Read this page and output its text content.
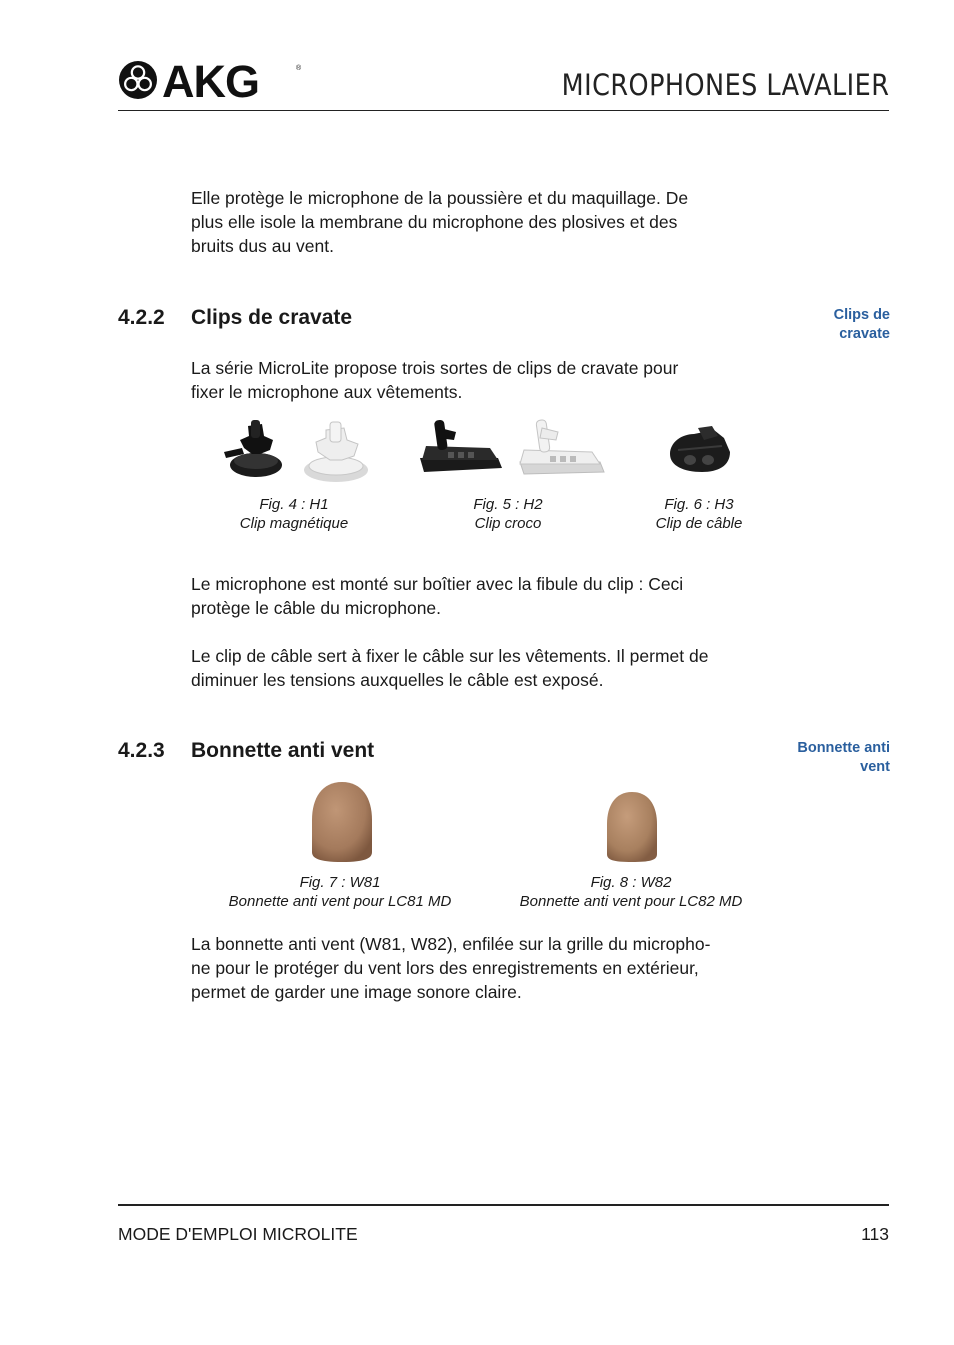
AKG	®	MICROPHONES LAVALIER
Elle protège le microphone de la poussière et du maquillage. De
plus elle isole la membrane du microphone des plosives et des
bruits dus au vent.
4.2.2 Clips de cravate	Clips de
cravate
La série MicroLite propose trois sortes de clips de cravate pour
fixer le microphone aux vêtements.
Fig. 4 : H1
Clip magnétique
Fig. 5 : H2
Clip croco
Fig. 6 : H3
Clip de câble
Le microphone est monté sur boîtier avec la fibule du clip : Ceci
protège le câble du microphone.
Le clip de câble sert à fixer le câble sur les vêtements. Il permet de
diminuer les tensions auxquelles le câble est exposé.
4.2.3 Bonnette anti vent	Bonnette anti
vent
Fig. 7 : W81
Bonnette anti vent pour LC81 MD
Fig. 8 : W82
Bonnette anti vent pour LC82 MD
La bonnette anti vent (W81, W82), enfilée sur la grille du micropho-
ne pour le protéger du vent lors des enregistrements en extérieur,
permet de garder une image sonore claire.
MODE D'EMPLOI MICROLITE	113
